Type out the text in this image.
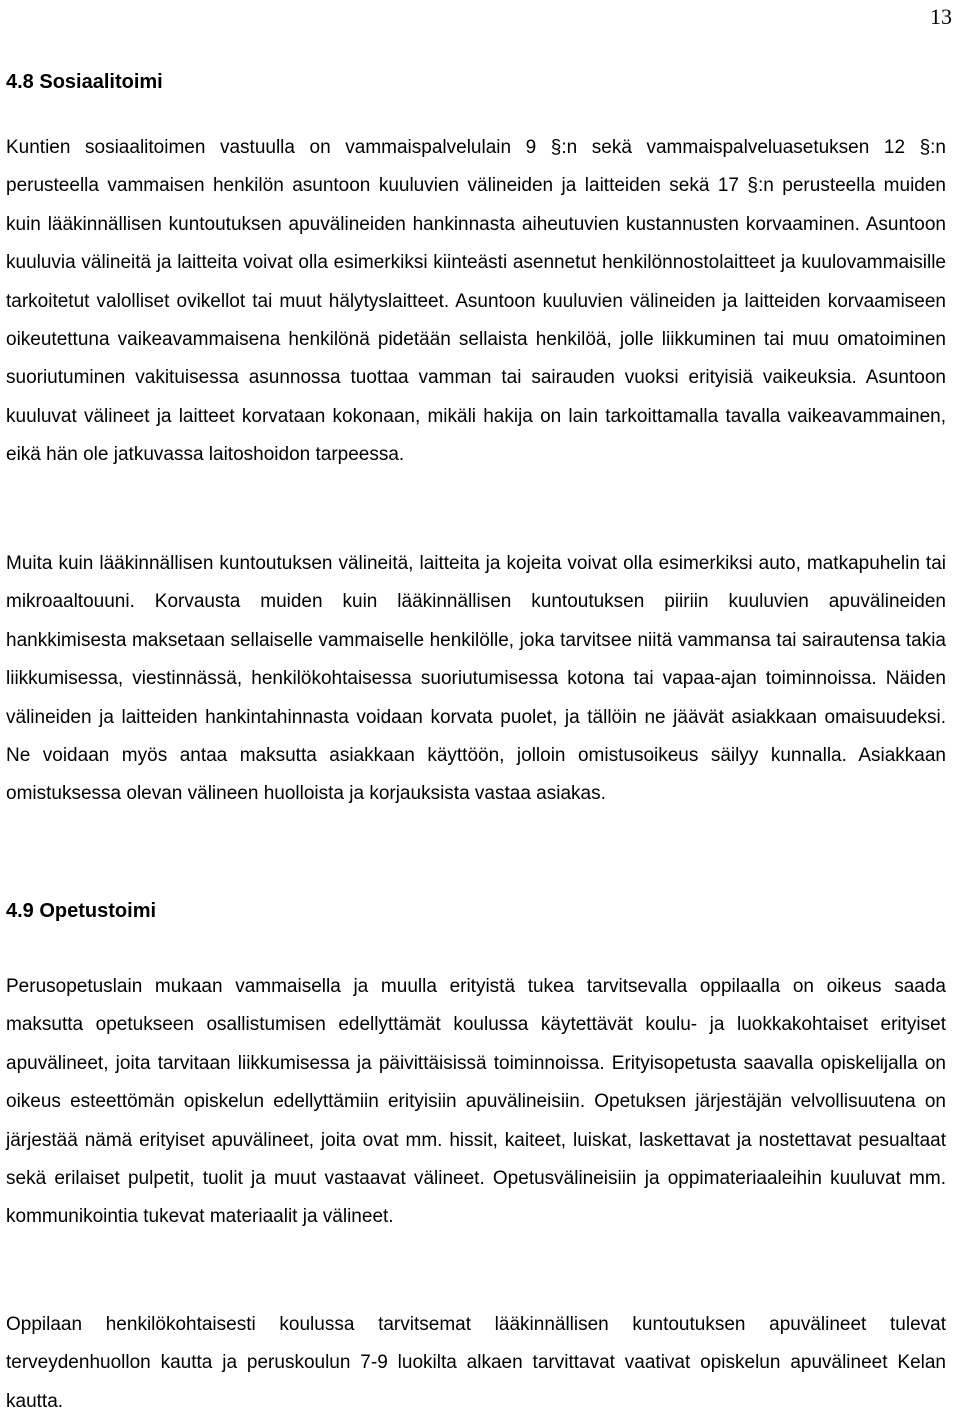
13
4.8 Sosiaalitoimi

Kuntien sosiaalitoimen vastuulla on vammaispalvelulain 9 §:n sekä vammaispalveluasetuksen 12 §:n perusteella vammaisen henkilön asuntoon kuuluvien välineiden ja laitteiden sekä 17 §:n perusteella muiden kuin lääkinnällisen kuntoutuksen apuvälineiden hankinnasta aiheutuvien kustannusten korvaaminen. Asuntoon kuuluvia välineitä ja laitteita voivat olla esimerkiksi kiinteästi asennetut henkilönnostolaitteet ja kuulovammaisille tarkoitetut valolliset ovikellot tai muut hälytyslaitteet. Asuntoon kuuluvien välineiden ja laitteiden korvaamiseen oikeutettuna vaikeavammaisena henkilönä pidetään sellaista henkilöä, jolle liikkuminen tai muu omatoiminen suoriutuminen vakituisessa asunnossa tuottaa vamman tai sairauden vuoksi erityisiä vaikeuksia. Asuntoon kuuluvat välineet ja laitteet korvataan kokonaan, mikäli hakija on lain tarkoittamalla tavalla vaikeavammainen, eikä hän ole jatkuvassa laitoshoidon tarpeessa.

Muita kuin lääkinnällisen kuntoutuksen välineitä, laitteita ja kojeita voivat olla esimerkiksi auto, matkapuhelin tai mikroaaltouuni. Korvausta muiden kuin lääkinnällisen kuntoutuksen piiriin kuuluvien apuvälineiden hankkimisesta maksetaan sellaiselle vammaiselle henkilölle, joka tarvitsee niitä vammansa tai sairautensa takia liikkumisessa, viestinnässä, henkilökohtaisessa suoriutumisessa kotona tai vapaa-ajan toiminnoissa. Näiden välineiden ja laitteiden hankintahinnasta voidaan korvata puolet, ja tällöin ne jäävät asiakkaan omaisuudeksi. Ne voidaan myös antaa maksutta asiakkaan käyttöön, jolloin omistusoikeus säilyy kunnalla. Asiakkaan omistuksessa olevan välineen huolloista ja korjauksista vastaa asiakas.

4.9 Opetustoimi

Perusopetuslain mukaan vammaisella ja muulla erityistä tukea tarvitsevalla oppilaalla on oikeus saada maksutta opetukseen osallistumisen edellyttämät koulussa käytettävät koulu- ja luokkakohtaiset erityiset apuvälineet, joita tarvitaan liikkumisessa ja päivittäisissä toiminnoissa. Erityisopetusta saavalla opiskelijalla on oikeus esteettömän opiskelun edellyttämiin erityisiin apuvälineisiin. Opetuksen järjestäjän velvollisuutena on järjestää nämä erityiset apuvälineet, joita ovat mm. hissit, kaiteet, luiskat, laskettavat ja nostettavat pesualtaat sekä erilaiset pulpetit, tuolit ja muut vastaavat välineet. Opetusvälineisiin ja oppimateriaaleihin kuuluvat mm. kommunikointia tukevat materiaalit ja välineet.

Oppilaan henkilökohtaisesti koulussa tarvitsemat lääkinnällisen kuntoutuksen apuvälineet tulevat terveydenhuollon kautta ja peruskoulun 7-9 luokilta alkaen tarvittavat vaativat opiskelun apuvälineet Kelan kautta.
